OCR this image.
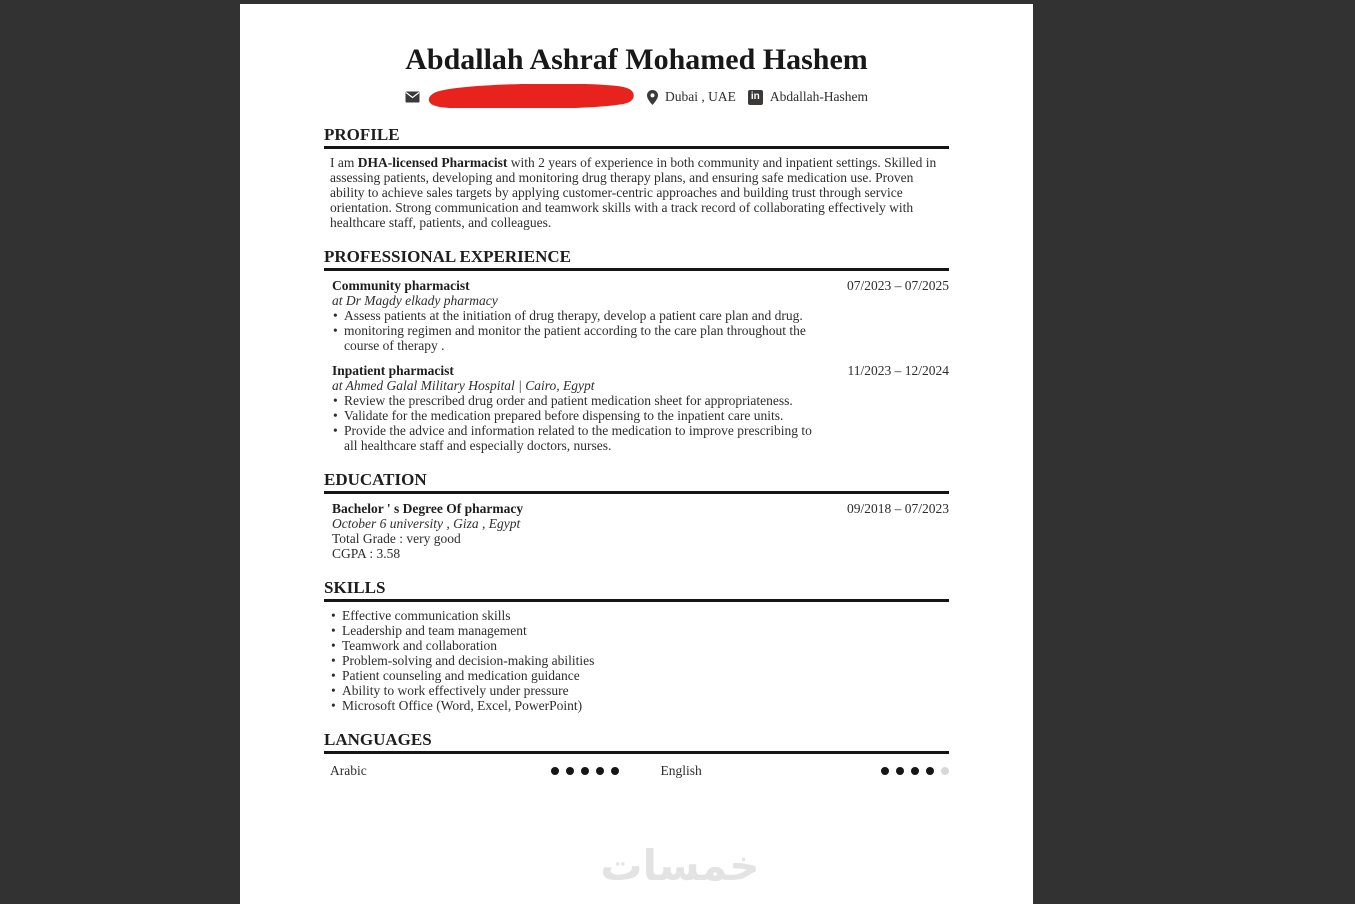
Abdallah Ashraf Mohamed Hashem
Dubai , UAE	in Abdallah-Hashem
PROFILE

I am DHA-licensed Pharmacist with 2 years of experience in both community and inpatient settings. Skilled in assessing patients, developing and monitoring drug therapy plans, and ensuring safe medication use. Proven ability to achieve sales targets by applying customer-centric approaches and building trust through service orientation. Strong communication and teamwork skills with a track record of collaborating effectively with healthcare staff, patients, and colleagues.

PROFESSIONAL EXPERIENCE
Community pharmacist	07/2023 – 07/2025
at Dr Magdy elkady pharmacy
• Assess patients at the initiation of drug therapy, develop a patient care plan and drug.
• monitoring regimen and monitor the patient according to the care plan throughout the course of therapy .
Inpatient pharmacist	11/2023 – 12/2024
at Ahmed Galal Military Hospital | Cairo, Egypt
• Review the prescribed drug order and patient medication sheet for appropriateness.
• Validate for the medication prepared before dispensing to the inpatient care units.
• Provide the advice and information related to the medication to improve prescribing to all healthcare staff and especially doctors, nurses.
EDUCATION
Bachelor ' s Degree Of pharmacy	09/2018 – 07/2023
October 6 university , Giza , Egypt
Total Grade : very good
CGPA : 3.58
SKILLS
• Effective communication skills
• Leadership and team management
• Teamwork and collaboration
• Problem-solving and decision-making abilities
• Patient counseling and medication guidance
• Ability to work effectively under pressure
• Microsoft Office (Word, Excel, PowerPoint)
LANGUAGES
Arabic	English
خمسات
